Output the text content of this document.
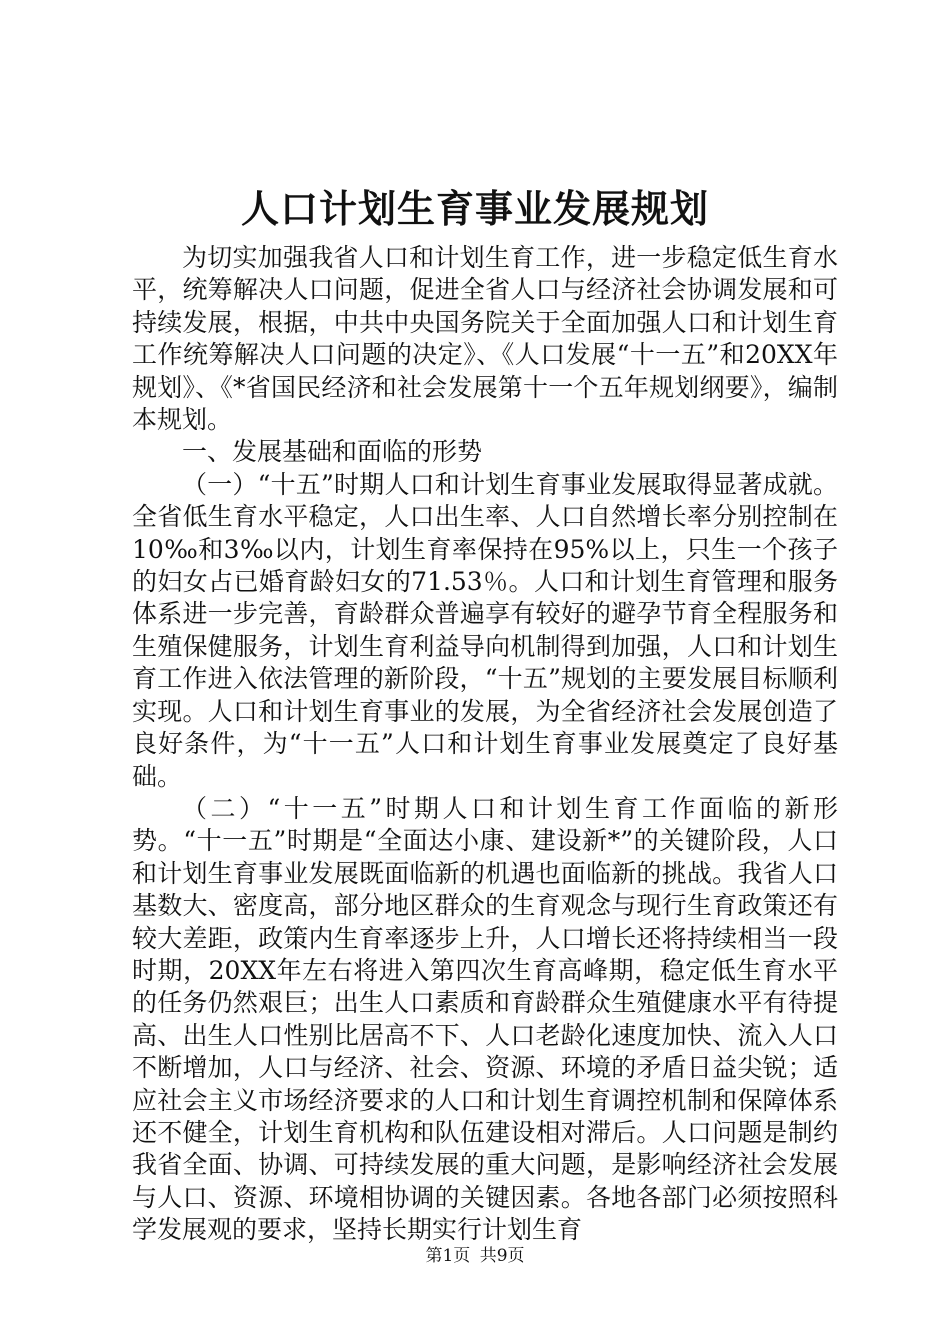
人口计划生育事业发展规划

为切实加强我省人口和计划生育工作，进一步稳定低生育水平，统筹解决人口问题，促进全省人口与经济社会协调发展和可持续发展，根据，中共中央国务院关于全面加强人口和计划生育工作统筹解决人口问题的决定》、《人口发展“十一五”和20XX年规划》、《*省国民经济和社会发展第十一个五年规划纲要》，编制本规划。

一、发展基础和面临的形势

（一）“十五”时期人口和计划生育事业发展取得显著成就。全省低生育水平稳定，人口出生率、人口自然增长率分别控制在10‰和3‰以内，计划生育率保持在95%以上，只生一个孩子的妇女占已婚育龄妇女的71.53％。人口和计划生育管理和服务体系进一步完善，育龄群众普遍享有较好的避孕节育全程服务和生殖保健服务，计划生育利益导向机制得到加强，人口和计划生育工作进入依法管理的新阶段，“十五”规划的主要发展目标顺利实现。人口和计划生育事业的发展，为全省经济社会发展创造了良好条件，为“十一五”人口和计划生育事业发展奠定了良好基础。

（二）“十一五”时期人口和计划生育工作面临的新形势。“十一五”时期是“全面达小康、建设新*”的关键阶段，人口和计划生育事业发展既面临新的机遇也面临新的挑战。我省人口基数大、密度高，部分地区群众的生育观念与现行生育政策还有较大差距，政策内生育率逐步上升，人口增长还将持续相当一段时期，20XX年左右将进入第四次生育高峰期，稳定低生育水平的任务仍然艰巨；出生人口素质和育龄群众生殖健康水平有待提高、出生人口性别比居高不下、人口老龄化速度加快、流入人口不断增加，人口与经济、社会、资源、环境的矛盾日益尖锐；适应社会主义市场经济要求的人口和计划生育调控机制和保障体系还不健全，计划生育机构和队伍建设相对滞后。人口问题是制约我省全面、协调、可持续发展的重大问题，是影响经济社会发展与人口、资源、环境相协调的关键因素。各地各部门必须按照科学发展观的要求，坚持长期实行计划生育

第1页 共9页
